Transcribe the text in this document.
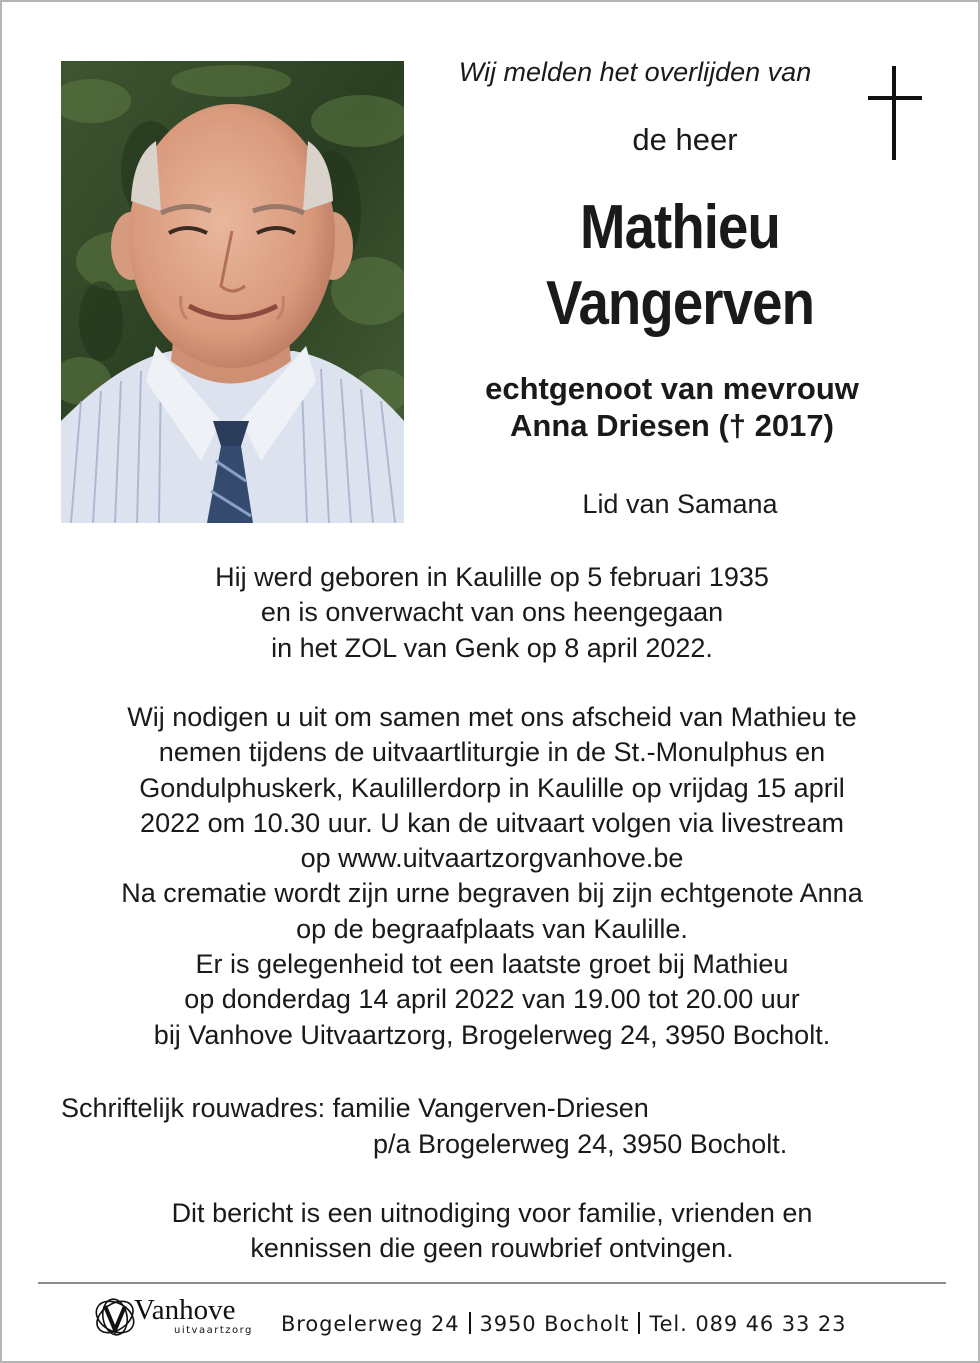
Wij melden het overlijden van
de heer
Mathieu
Vangerven
echtgenoot van mevrouw
Anna Driesen († 2017)
Lid van Samana
Hij werd geboren in Kaulille op 5 februari 1935
en is onverwacht van ons heengegaan
in het ZOL van Genk op 8 april 2022.
Wij nodigen u uit om samen met ons afscheid van Mathieu te
nemen tijdens de uitvaartliturgie in de St.-Monulphus en
Gondulphuskerk, Kaulillerdorp in Kaulille op vrijdag 15 april
2022 om 10.30 uur. U kan de uitvaart volgen via livestream
op www.uitvaartzorgvanhove.be
Na crematie wordt zijn urne begraven bij zijn echtgenote Anna
op de begraafplaats van Kaulille.
Er is gelegenheid tot een laatste groet bij Mathieu
op donderdag 14 april 2022 van 19.00 tot 20.00 uur
bij Vanhove Uitvaartzorg, Brogelerweg 24, 3950 Bocholt.
Schriftelijk rouwadres: familie Vangerven-Driesen
p/a Brogelerweg 24, 3950 Bocholt.
Dit bericht is een uitnodiging voor familie, vrienden en
kennissen die geen rouwbrief ontvingen.
Vanhove
uitvaartzorg Brogelerweg 24 3950 Bocholt Tel. 089 46 33 23
